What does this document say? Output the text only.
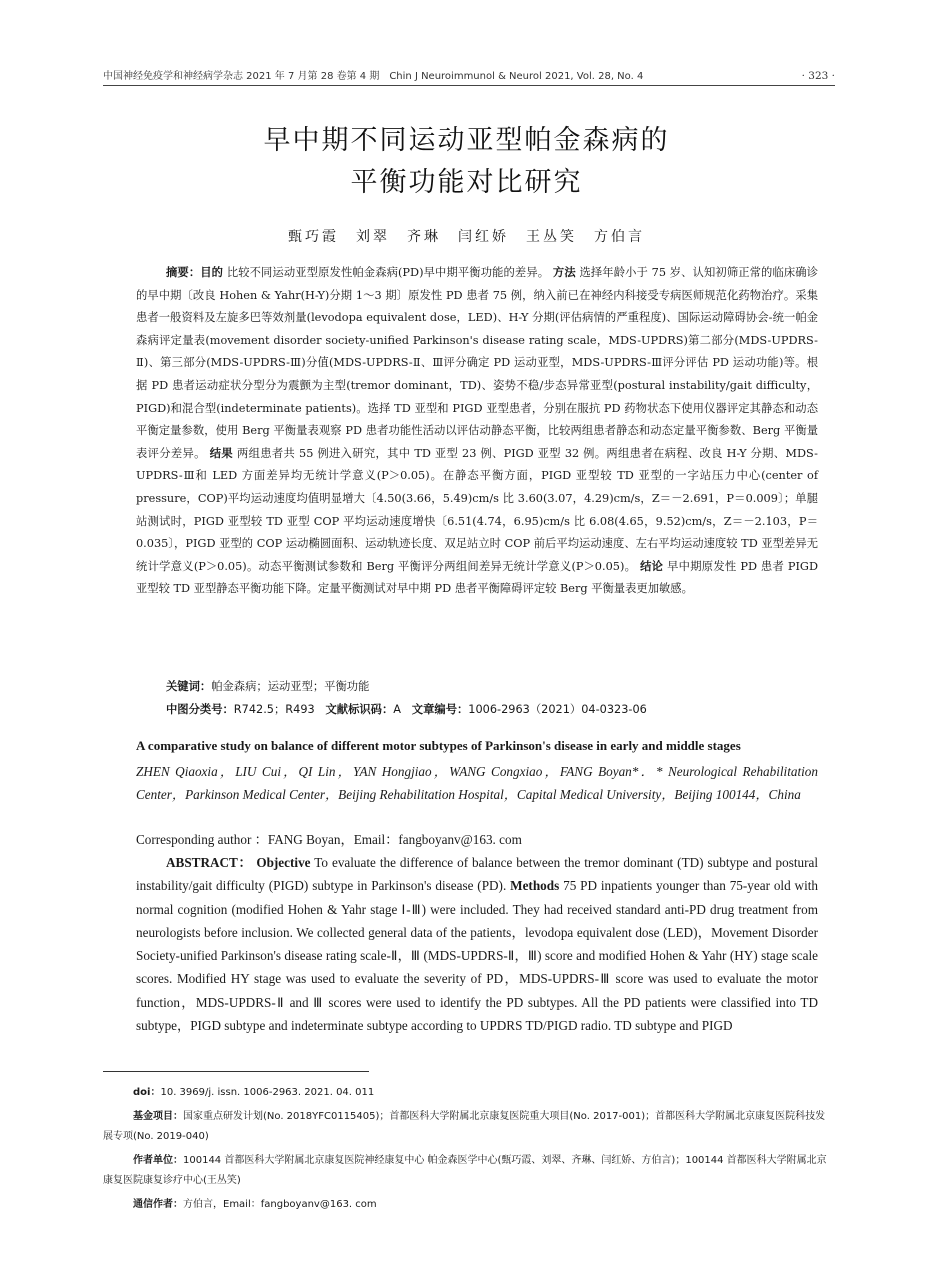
中国神经免疫学和神经病学杂志 2021 年 7 月第 28 卷第 4 期　Chin J Neuroimmunol & Neurol 2021, Vol. 28, No. 4	· 323 ·
早中期不同运动亚型帕金森病的
平衡功能对比研究
甄巧霞　刘翠　齐琳　闫红娇　王丛笑　方伯言
摘要：目的 比较不同运动亚型原发性帕金森病(PD)早中期平衡功能的差异。 方法 选择年龄小于 75 岁、认知初筛正常的临床确诊的早中期〔改良 Hohen & Yahr(H-Y)分期 1～3 期〕原发性 PD 患者 75 例，纳入前已在神经内科接受专病医师规范化药物治疗。采集患者一般资料及左旋多巴等效剂量(levodopa equivalent dose，LED)、H-Y 分期(评估病情的严重程度)、国际运动障碍协会-统一帕金森病评定量表(movement disorder society-unified Parkinson's disease rating scale，MDS-UPDRS)第二部分(MDS-UPDRS-Ⅱ)、第三部分(MDS-UPDRS-Ⅲ)分值(MDS-UPDRS-Ⅱ、Ⅲ评分确定 PD 运动亚型，MDS-UPDRS-Ⅲ评分评估 PD 运动功能)等。根据 PD 患者运动症状分型分为震颤为主型(tremor dominant，TD)、姿势不稳/步态异常亚型(postural instability/gait difficulty，PIGD)和混合型(indeterminate patients)。选择 TD 亚型和 PIGD 亚型患者，分别在服抗 PD 药物状态下使用仪器评定其静态和动态平衡定量参数，使用 Berg 平衡量表观察 PD 患者功能性活动以评估动静态平衡，比较两组患者静态和动态定量平衡参数、Berg 平衡量表评分差异。 结果 两组患者共 55 例进入研究，其中 TD 亚型 23 例、PIGD 亚型 32 例。两组患者在病程、改良 H-Y 分期、MDS-UPDRS-Ⅲ和 LED 方面差异均无统计学意义(P＞0.05)。在静态平衡方面，PIGD 亚型较 TD 亚型的一字站压力中心(center of pressure，COP)平均运动速度均值明显增大〔4.50(3.66，5.49)cm/s 比 3.60(3.07，4.29)cm/s，Z＝－2.691，P＝0.009〕；单腿站测试时，PIGD 亚型较 TD 亚型 COP 平均运动速度增快〔6.51(4.74，6.95)cm/s 比 6.08(4.65，9.52)cm/s，Z＝－2.103，P＝0.035〕，PIGD 亚型的 COP 运动椭圆面积、运动轨迹长度、双足站立时 COP 前后平均运动速度、左右平均运动速度较 TD 亚型差异无统计学意义(P＞0.05)。动态平衡测试参数和 Berg 平衡评分两组间差异无统计学意义(P＞0.05)。 结论 早中期原发性 PD 患者 PIGD 亚型较 TD 亚型静态平衡功能下降。定量平衡测试对早中期 PD 患者平衡障碍评定较 Berg 平衡量表更加敏感。
关键词：帕金森病；运动亚型；平衡功能
中图分类号：R742.5；R493 文献标识码：A 文章编号：1006-2963（2021）04-0323-06
A comparative study on balance of different motor subtypes of Parkinson's disease in early and middle stages
ZHEN Qiaoxia，LIU Cui，QI Lin，YAN Hongjiao，WANG Congxiao，FANG Boyan*．* Neurological Rehabilitation Center，Parkinson Medical Center，Beijing Rehabilitation Hospital，Capital Medical University，Beijing 100144，China
Corresponding author ：FANG Boyan，Email：fangboyanv@163. com
ABSTRACT： Objective To evaluate the difference of balance between the tremor dominant (TD) subtype and postural instability/gait difficulty (PIGD) subtype in Parkinson's disease (PD). Methods 75 PD inpatients younger than 75-year old with normal cognition (modified Hohen & Yahr stage Ⅰ-Ⅲ) were included. They had received standard anti-PD drug treatment from neurologists before inclusion. We collected general data of the patients，levodopa equivalent dose (LED)，Movement Disorder Society-unified Parkinson's disease rating scale-Ⅱ，Ⅲ (MDS-UPDRS-Ⅱ，Ⅲ) score and modified Hohen & Yahr (HY) stage scale scores. Modified HY stage was used to evaluate the severity of PD，MDS-UPDRS-Ⅲ score was used to evaluate the motor function，MDS-UPDRS-Ⅱ and Ⅲ scores were used to identify the PD subtypes. All the PD patients were classified into TD subtype，PIGD subtype and indeterminate subtype according to UPDRS TD/PIGD radio. TD subtype and PIGD

doi：10. 3969/j. issn. 1006-2963. 2021. 04. 011

基金项目：国家重点研发计划(No. 2018YFC0115405)；首都医科大学附属北京康复医院重大项目(No. 2017-001)；首都医科大学附属北京康复医院科技发展专项(No. 2019-040)

作者单位：100144 首都医科大学附属北京康复医院神经康复中心 帕金森医学中心(甄巧霞、刘翠、齐琳、闫红娇、方伯言)；100144 首都医科大学附属北京康复医院康复诊疗中心(王丛笑)

通信作者：方伯言，Email：fangboyanv@163. com
